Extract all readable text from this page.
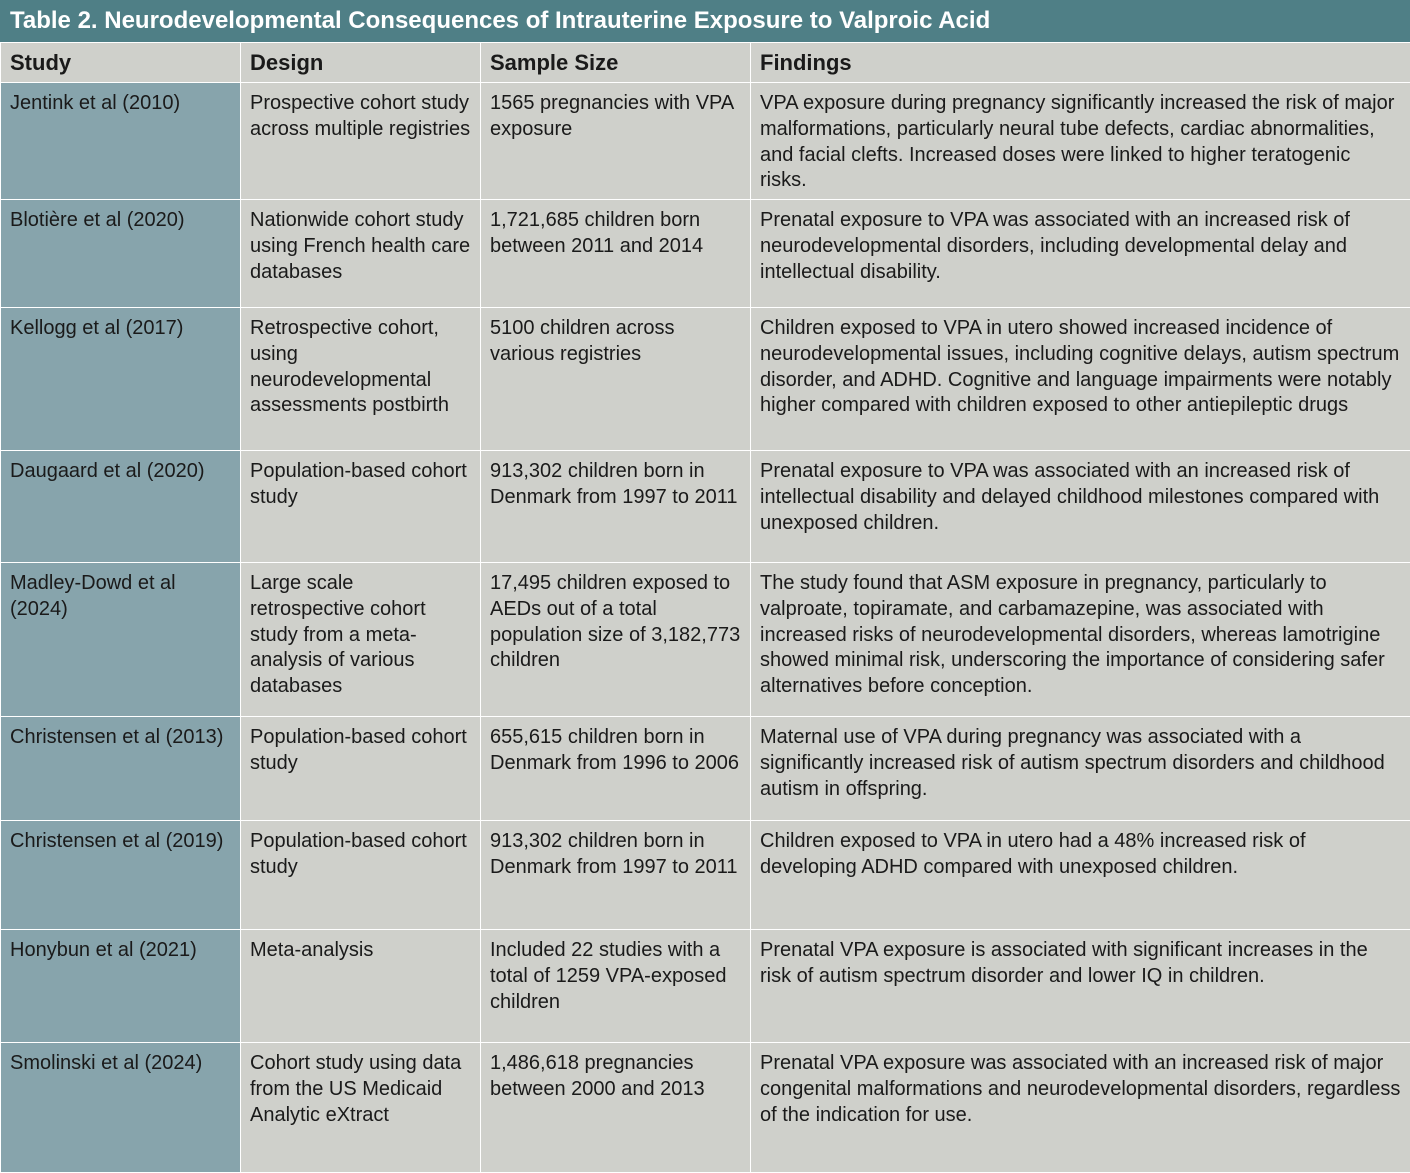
Table 2. Neurodevelopmental Consequences of Intrauterine Exposure to Valproic Acid
Study	Design	Sample Size	Findings
Jentink et al (2010)	Prospective cohort study across multiple registries	1565 pregnancies with VPA exposure	VPA exposure during pregnancy significantly increased the risk of major malformations, particularly neural tube defects, cardiac abnormalities, and facial clefts. Increased doses were linked to higher teratogenic risks.
Blotière et al (2020)	Nationwide cohort study using French health care databases	1,721,685 children born between 2011 and 2014	Prenatal exposure to VPA was associated with an increased risk of neurodevelopmental disorders, including developmental delay and intellectual disability.
Kellogg et al (2017)	Retrospective cohort, using neurodevelopmental assessments postbirth	5100 children across various registries	Children exposed to VPA in utero showed increased incidence of neurodevelopmental issues, including cognitive delays, autism spectrum disorder, and ADHD. Cognitive and language impairments were notably higher compared with children exposed to other antiepileptic drugs
Daugaard et al (2020)	Population-based cohort study	913,302 children born in Denmark from 1997 to 2011	Prenatal exposure to VPA was associated with an increased risk of intellectual disability and delayed childhood milestones compared with unexposed children.
Madley-Dowd et al (2024)	Large scale retrospective cohort study from a meta-analysis of various databases	17,495 children exposed to AEDs out of a total population size of 3,182,773 children	The study found that ASM exposure in pregnancy, particularly to valproate, topiramate, and carbamazepine, was associated with increased risks of neurodevelopmental disorders, whereas lamotrigine showed minimal risk, underscoring the importance of considering safer alternatives before conception.
Christensen et al (2013)	Population-based cohort study	655,615 children born in Denmark from 1996 to 2006	Maternal use of VPA during pregnancy was associated with a significantly increased risk of autism spectrum disorders and childhood autism in offspring.
Christensen et al (2019)	Population-based cohort study	913,302 children born in Denmark from 1997 to 2011	Children exposed to VPA in utero had a 48% increased risk of developing ADHD compared with unexposed children.
Honybun et al (2021)	Meta-analysis	Included 22 studies with a total of 1259 VPA-exposed children	Prenatal VPA exposure is associated with significant increases in the risk of autism spectrum disorder and lower IQ in children.
Smolinski et al (2024)	Cohort study using data from the US Medicaid Analytic eXtract	1,486,618 pregnancies between 2000 and 2013	Prenatal VPA exposure was associated with an increased risk of major congenital malformations and neurodevelopmental disorders, regardless of the indication for use.
